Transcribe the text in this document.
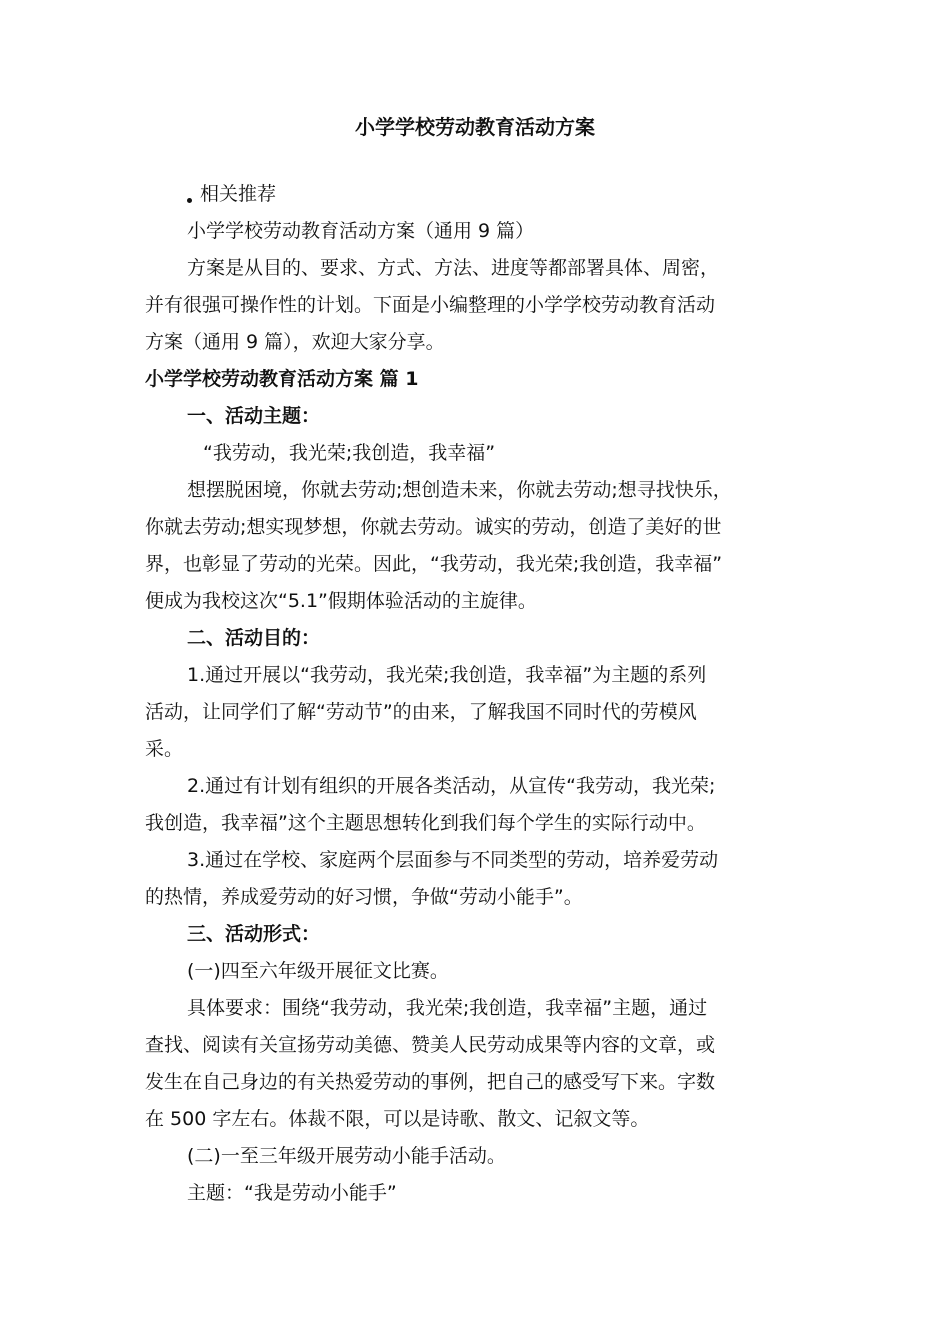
小学学校劳动教育活动方案
相关推荐
小学学校劳动教育活动方案（通用 9 篇）
方案是从目的、要求、方式、方法、进度等都部署具体、周密，
并有很强可操作性的计划。下面是小编整理的小学学校劳动教育活动
方案（通用 9 篇），欢迎大家分享。
小学学校劳动教育活动方案 篇 1
一、活动主题：
“我劳动，我光荣;我创造，我幸福”
想摆脱困境，你就去劳动;想创造未来，你就去劳动;想寻找快乐，
你就去劳动;想实现梦想，你就去劳动。诚实的劳动，创造了美好的世
界，也彰显了劳动的光荣。因此，“我劳动，我光荣;我创造，我幸福”
便成为我校这次“5.1”假期体验活动的主旋律。
二、活动目的：
1.通过开展以“我劳动，我光荣;我创造，我幸福”为主题的系列
活动，让同学们了解“劳动节”的由来，了解我国不同时代的劳模风
采。
2.通过有计划有组织的开展各类活动，从宣传“我劳动，我光荣;
我创造，我幸福”这个主题思想转化到我们每个学生的实际行动中。
3.通过在学校、家庭两个层面参与不同类型的劳动，培养爱劳动
的热情，养成爱劳动的好习惯，争做“劳动小能手”。
三、活动形式：
(一)四至六年级开展征文比赛。
具体要求：围绕“我劳动，我光荣;我创造，我幸福”主题，通过
查找、阅读有关宣扬劳动美德、赞美人民劳动成果等内容的文章，或
发生在自己身边的有关热爱劳动的事例，把自己的感受写下来。字数
在 500 字左右。体裁不限，可以是诗歌、散文、记叙文等。
(二)一至三年级开展劳动小能手活动。
主题：“我是劳动小能手”
